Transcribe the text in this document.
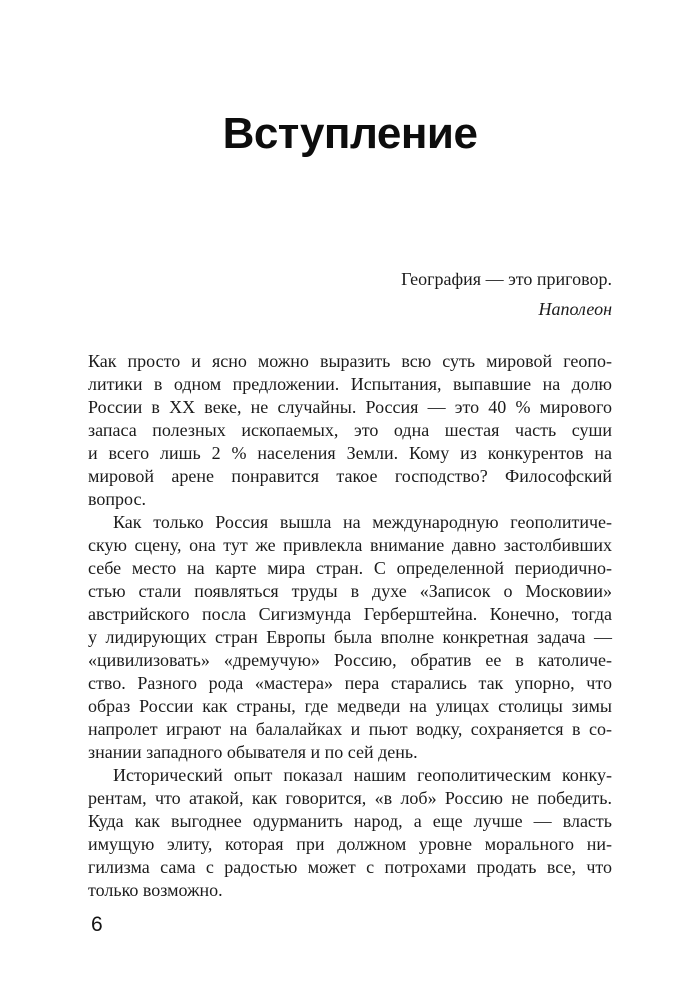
Вступление
География — это приговор.
Наполеон
Как просто и ясно можно выразить всю суть мировой геопо-
литики в одном предложении. Испытания, выпавшие на долю
России в XX веке, не случайны. Россия — это 40 % мирового
запаса полезных ископаемых, это одна шестая часть суши
и всего лишь 2 % населения Земли. Кому из конкурентов на
мировой арене понравится такое господство? Философский
вопрос.
Как только Россия вышла на международную геополитиче-
скую сцену, она тут же привлекла внимание давно застолбивших
себе место на карте мира стран. С определенной периодично-
стью стали появляться труды в духе «Записок о Московии»
австрийского посла Сигизмунда Герберштейна. Конечно, тогда
у лидирующих стран Европы была вполне конкретная задача —
«цивилизовать» «дремучую» Россию, обратив ее в католиче-
ство. Разного рода «мастера» пера старались так упорно, что
образ России как страны, где медведи на улицах столицы зимы
напролет играют на балалайках и пьют водку, сохраняется в со-
знании западного обывателя и по сей день.
Исторический опыт показал нашим геополитическим конку-
рентам, что атакой, как говорится, «в лоб» Россию не победить.
Куда как выгоднее одурманить народ, а еще лучше — власть
имущую элиту, которая при должном уровне морального ни-
гилизма сама с радостью может с потрохами продать все, что
только возможно.
6
